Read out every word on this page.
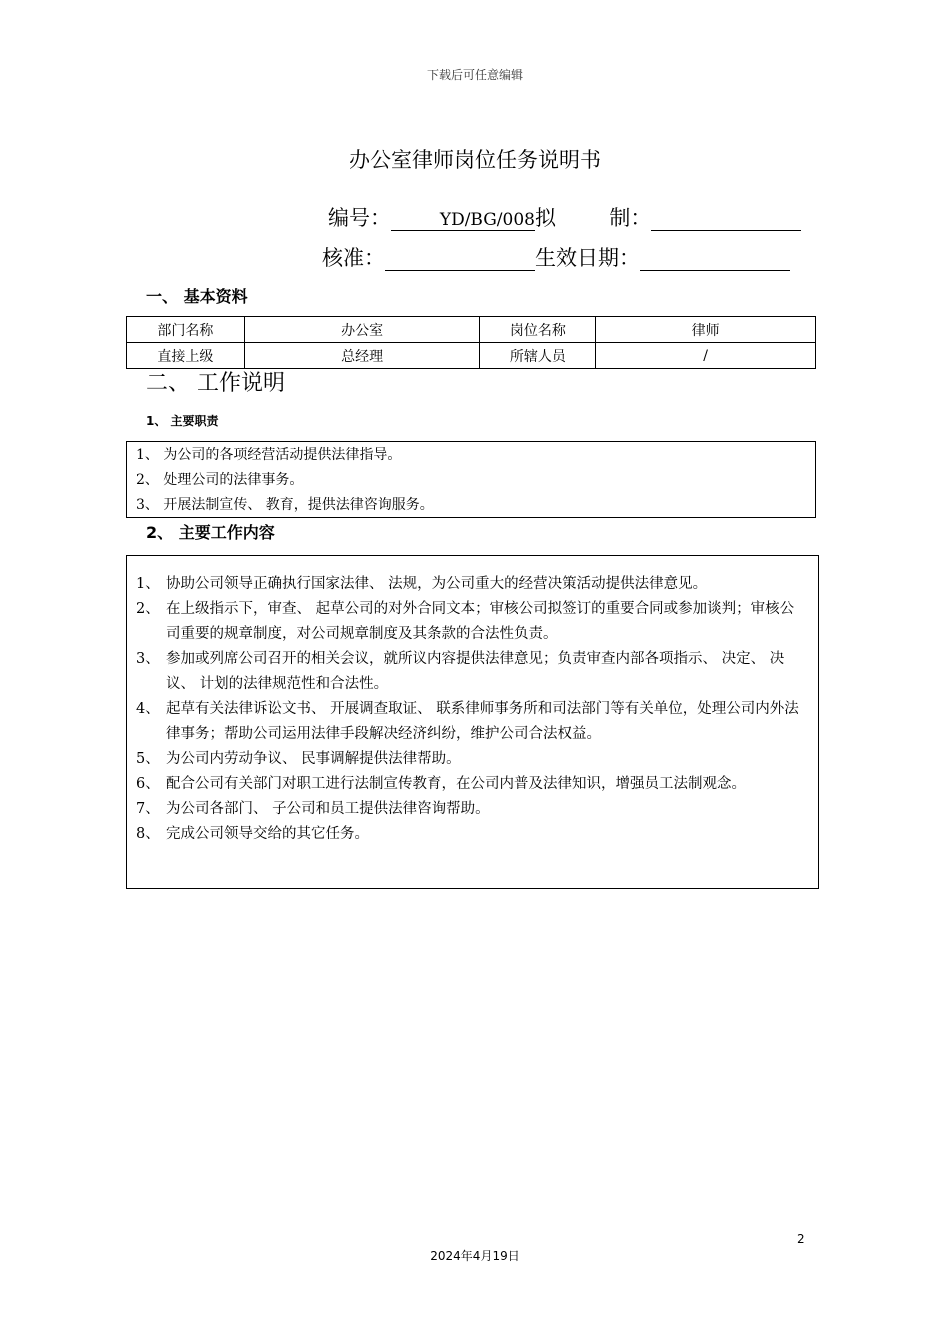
下载后可任意编辑
办公室律师岗位任务说明书
编号：	YD/BG/008拟	制：
核准：	生效日期：
一、 基本资料
部门名称	办公室	岗位名称	律师
直接上级	总经理	所辖人员	/
二、 工作说明
1、 主要职责
1、 为公司的各项经营活动提供法律指导。
2、 处理公司的法律事务。
3、 开展法制宣传、 教育，提供法律咨询服务。
2、 主要工作内容
1、 协助公司领导正确执行国家法律、 法规，为公司重大的经营决策活动提供法律意见。
2、 在上级指示下，审查、 起草公司的对外合同文本；审核公司拟签订的重要合同或参加谈判；审核公司重要的规章制度，对公司规章制度及其条款的合法性负责。
3、 参加或列席公司召开的相关会议，就所议内容提供法律意见；负责审查内部各项指示、 决定、 决议、 计划的法律规范性和合法性。
4、 起草有关法律诉讼文书、 开展调查取证、 联系律师事务所和司法部门等有关单位，处理公司内外法律事务；帮助公司运用法律手段解决经济纠纷，维护公司合法权益。
5、 为公司内劳动争议、 民事调解提供法律帮助。
6、 配合公司有关部门对职工进行法制宣传教育，在公司内普及法律知识，增强员工法制观念。
7、 为公司各部门、 子公司和员工提供法律咨询帮助。
8、 完成公司领导交给的其它任务。
2
2024年4月19日
